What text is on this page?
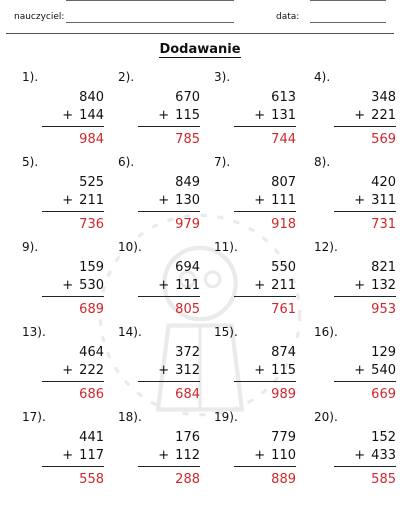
nauczyciel:	data:
Dodawanie
1).
840
+ 144
984
2).
670
+ 115
785
3).
613
+ 131
744
4).
348
+ 221
569
5).
525
+ 211
736
6).
849
+ 130
979
7).
807
+ 111
918
8).
420
+ 311
731
9).
159
+ 530
689
10).
694
+ 111
805
11).
550
+ 211
761
12).
821
+ 132
953
13).
464
+ 222
686
14).
372
+ 312
684
15).
874
+ 115
989
16).
129
+ 540
669
17).
441
+ 117
558
18).
176
+ 112
288
19).
779
+ 110
889
20).
152
+ 433
585
